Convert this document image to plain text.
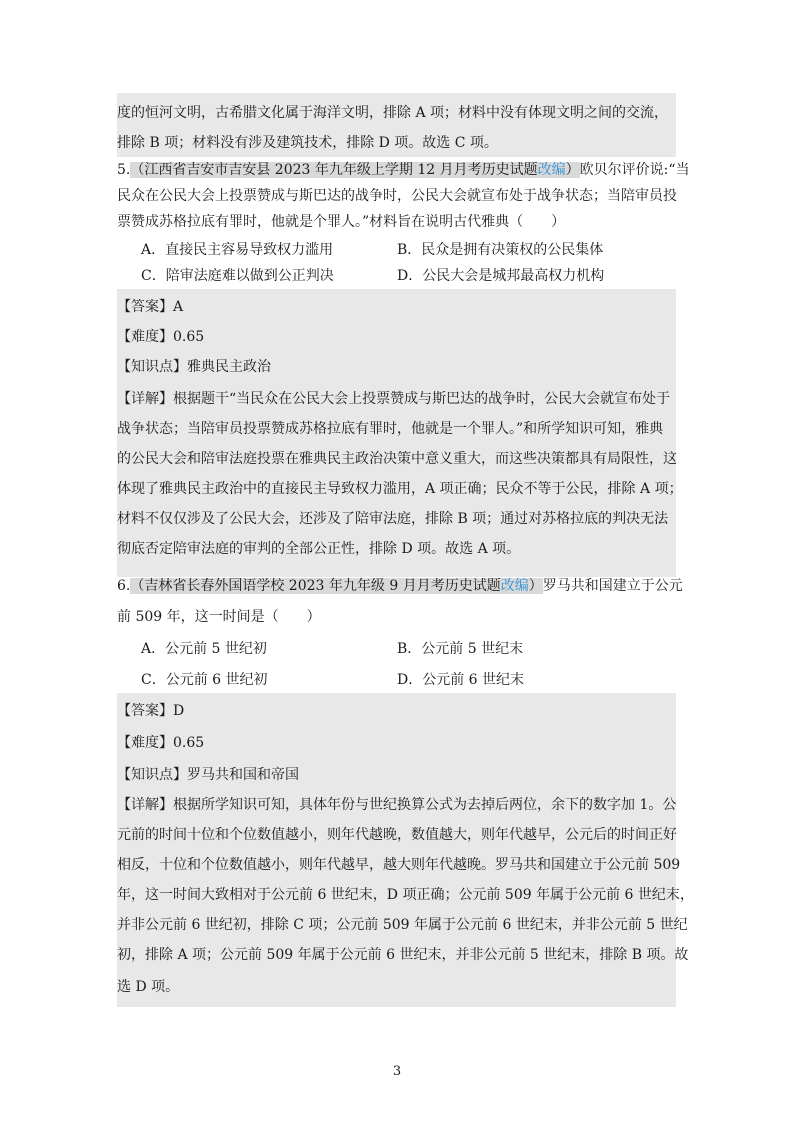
度的恒河文明，古希腊文化属于海洋文明，排除 A 项；材料中没有体现文明之间的交流，
排除 B 项；材料没有涉及建筑技术，排除 D 项。故选 C 项。
5.（江西省吉安市吉安县 2023 年九年级上学期 12 月月考历史试题改编）欧贝尔评价说:“当
民众在公民大会上投票赞成与斯巴达的战争时，公民大会就宣布处于战争状态；当陪审员投
票赞成苏格拉底有罪时，他就是个罪人。”材料旨在说明古代雅典（　　）
A．直接民主容易导致权力滥用	B．民众是拥有决策权的公民集体
C．陪审法庭难以做到公正判决	D．公民大会是城邦最高权力机构
【答案】A
【难度】0.65
【知识点】雅典民主政治
【详解】根据题干“当民众在公民大会上投票赞成与斯巴达的战争时，公民大会就宣布处于
战争状态；当陪审员投票赞成苏格拉底有罪时，他就是一个罪人。”和所学知识可知，雅典
的公民大会和陪审法庭投票在雅典民主政治决策中意义重大，而这些决策都具有局限性，这
体现了雅典民主政治中的直接民主导致权力滥用，A 项正确；民众不等于公民，排除 A 项；
材料不仅仅涉及了公民大会，还涉及了陪审法庭，排除 B 项；通过对苏格拉底的判决无法
彻底否定陪审法庭的审判的全部公正性，排除 D 项。故选 A 项。
6.（吉林省长春外国语学校 2023 年九年级 9 月月考历史试题改编）罗马共和国建立于公元
前 509 年，这一时间是（　　）
A．公元前 5 世纪初	B．公元前 5 世纪末
C．公元前 6 世纪初	D．公元前 6 世纪末
【答案】D
【难度】0.65
【知识点】罗马共和国和帝国
【详解】根据所学知识可知，具体年份与世纪换算公式为去掉后两位，余下的数字加 1。公
元前的时间十位和个位数值越小，则年代越晚，数值越大，则年代越早，公元后的时间正好
相反，十位和个位数值越小，则年代越早，越大则年代越晚。罗马共和国建立于公元前 509
年，这一时间大致相对于公元前 6 世纪末，D 项正确；公元前 509 年属于公元前 6 世纪末，
并非公元前 6 世纪初，排除 C 项；公元前 509 年属于公元前 6 世纪末，并非公元前 5 世纪
初，排除 A 项；公元前 509 年属于公元前 6 世纪末，并非公元前 5 世纪末，排除 B 项。故
选 D 项。
3
